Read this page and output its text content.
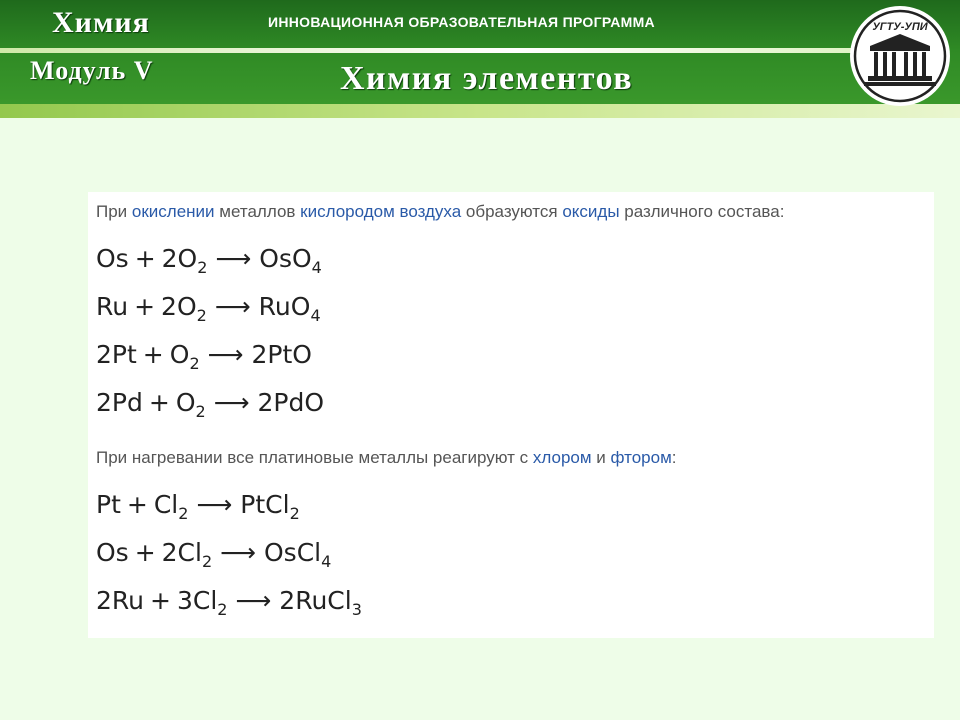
Химия	ИННОВАЦИОННАЯ ОБРАЗОВАТЕЛЬНАЯ ПРОГРАММА
Модуль V	Химия элементов
УГТУ-УПИ
При окислении металлов кислородом воздуха образуются оксиды различного состава:
$Os + 2O_2$ ⟶ OsO$_4$
$Ru + 2O_2$ ⟶ RuO$_4$
$2Pt + O_2$ ⟶ 2PtO
$2Pd + O_2$ ⟶ 2PdO
При нагревании все платиновые металлы реагируют с хлором и фтором:
$Pt + Cl_2$ ⟶ PtCl$_2$
$Os + 2Cl_2$ ⟶ OsCl$_4$
$2Ru + 3Cl_2$ ⟶ 2RuCl$_3$
